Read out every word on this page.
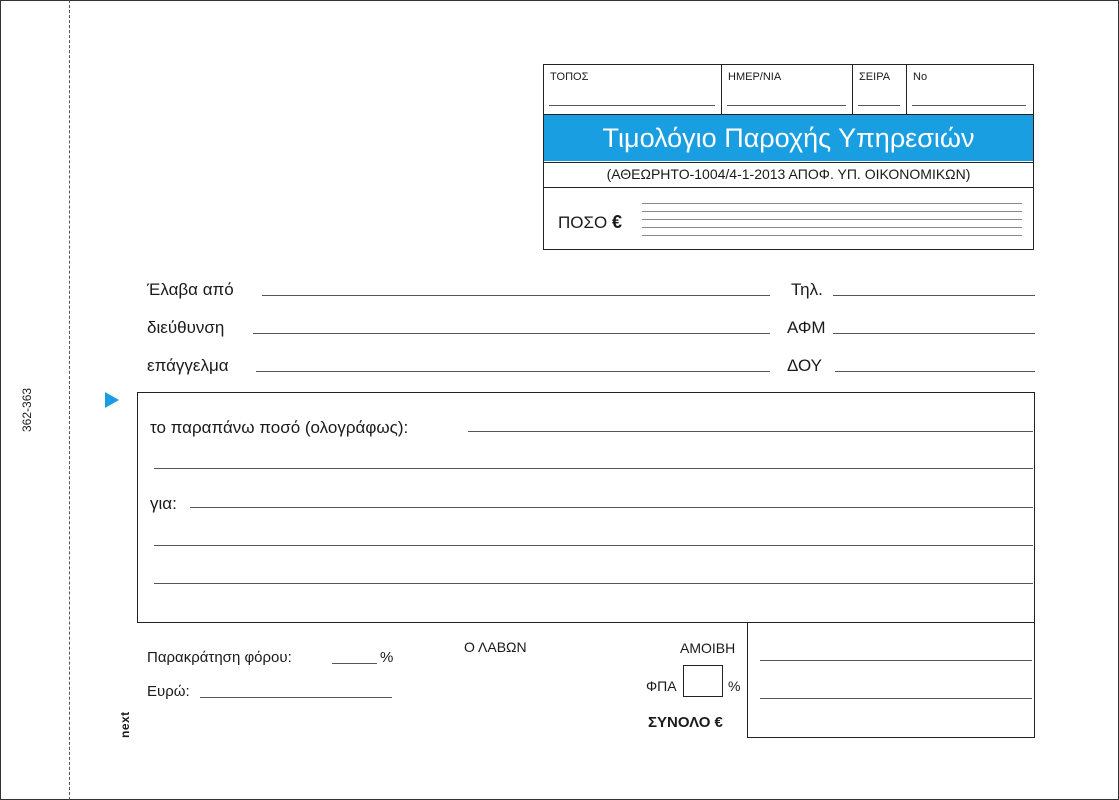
362-363
next
ΤΟΠΟΣ	ΗΜΕΡ/ΝΙΑ	ΣΕΙΡΑ No
Τιμολόγιο Παροχής Υπηρεσιών
(ΑΘΕΩΡΗΤΟ-1004/4-1-2013 ΑΠΟΦ. ΥΠ. ΟΙΚΟΝΟΜΙΚΩΝ)
ΠΟΣΟ €
Έλαβα από	Τηλ.
διεύθυνση	ΑΦΜ
επάγγελμα	ΔΟΥ
το παραπάνω ποσό (ολογράφως):
για:
Παρακράτηση φόρου:	%
Ευρώ:
Ο ΛΑΒΩΝ	ΑΜΟΙΒΗ
ΦΠΑ	%
ΣΥΝΟΛΟ €
